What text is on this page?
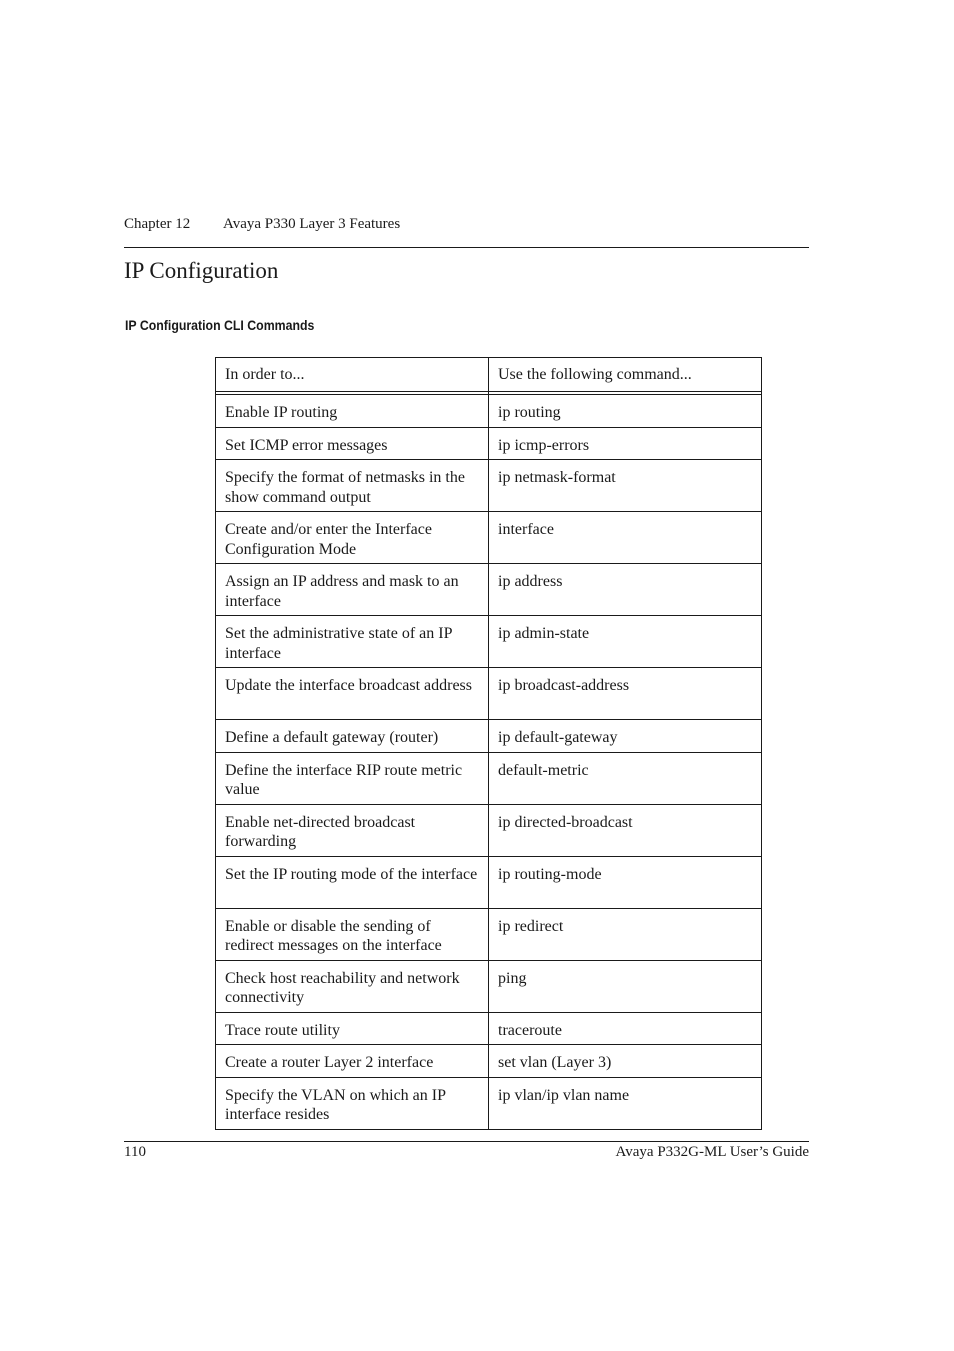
Chapter 12 Avaya P330 Layer 3 Features
IP Configuration
IP Configuration CLI Commands
In order to...	Use the following command...

Enable IP routing	ip routing
Set ICMP error messages	ip icmp-errors
Specify the format of netmasks in the show command output	ip netmask-format
Create and/or enter the Interface Configuration Mode	interface
Assign an IP address and mask to an interface	ip address
Set the administrative state of an IP interface	ip admin-state
Update the interface broadcast address	ip broadcast-address
Define a default gateway (router)	ip default-gateway
Define the interface RIP route metric value	default-metric
Enable net-directed broadcast forwarding	ip directed-broadcast
Set the IP routing mode of the interface	ip routing-mode
Enable or disable the sending of redirect messages on the interface	ip redirect
Check host reachability and network connectivity	ping
Trace route utility	traceroute
Create a router Layer 2 interface	set vlan (Layer 3)
Specify the VLAN on which an IP interface resides	ip vlan/ip vlan name
110	Avaya P332G-ML User’s Guide
